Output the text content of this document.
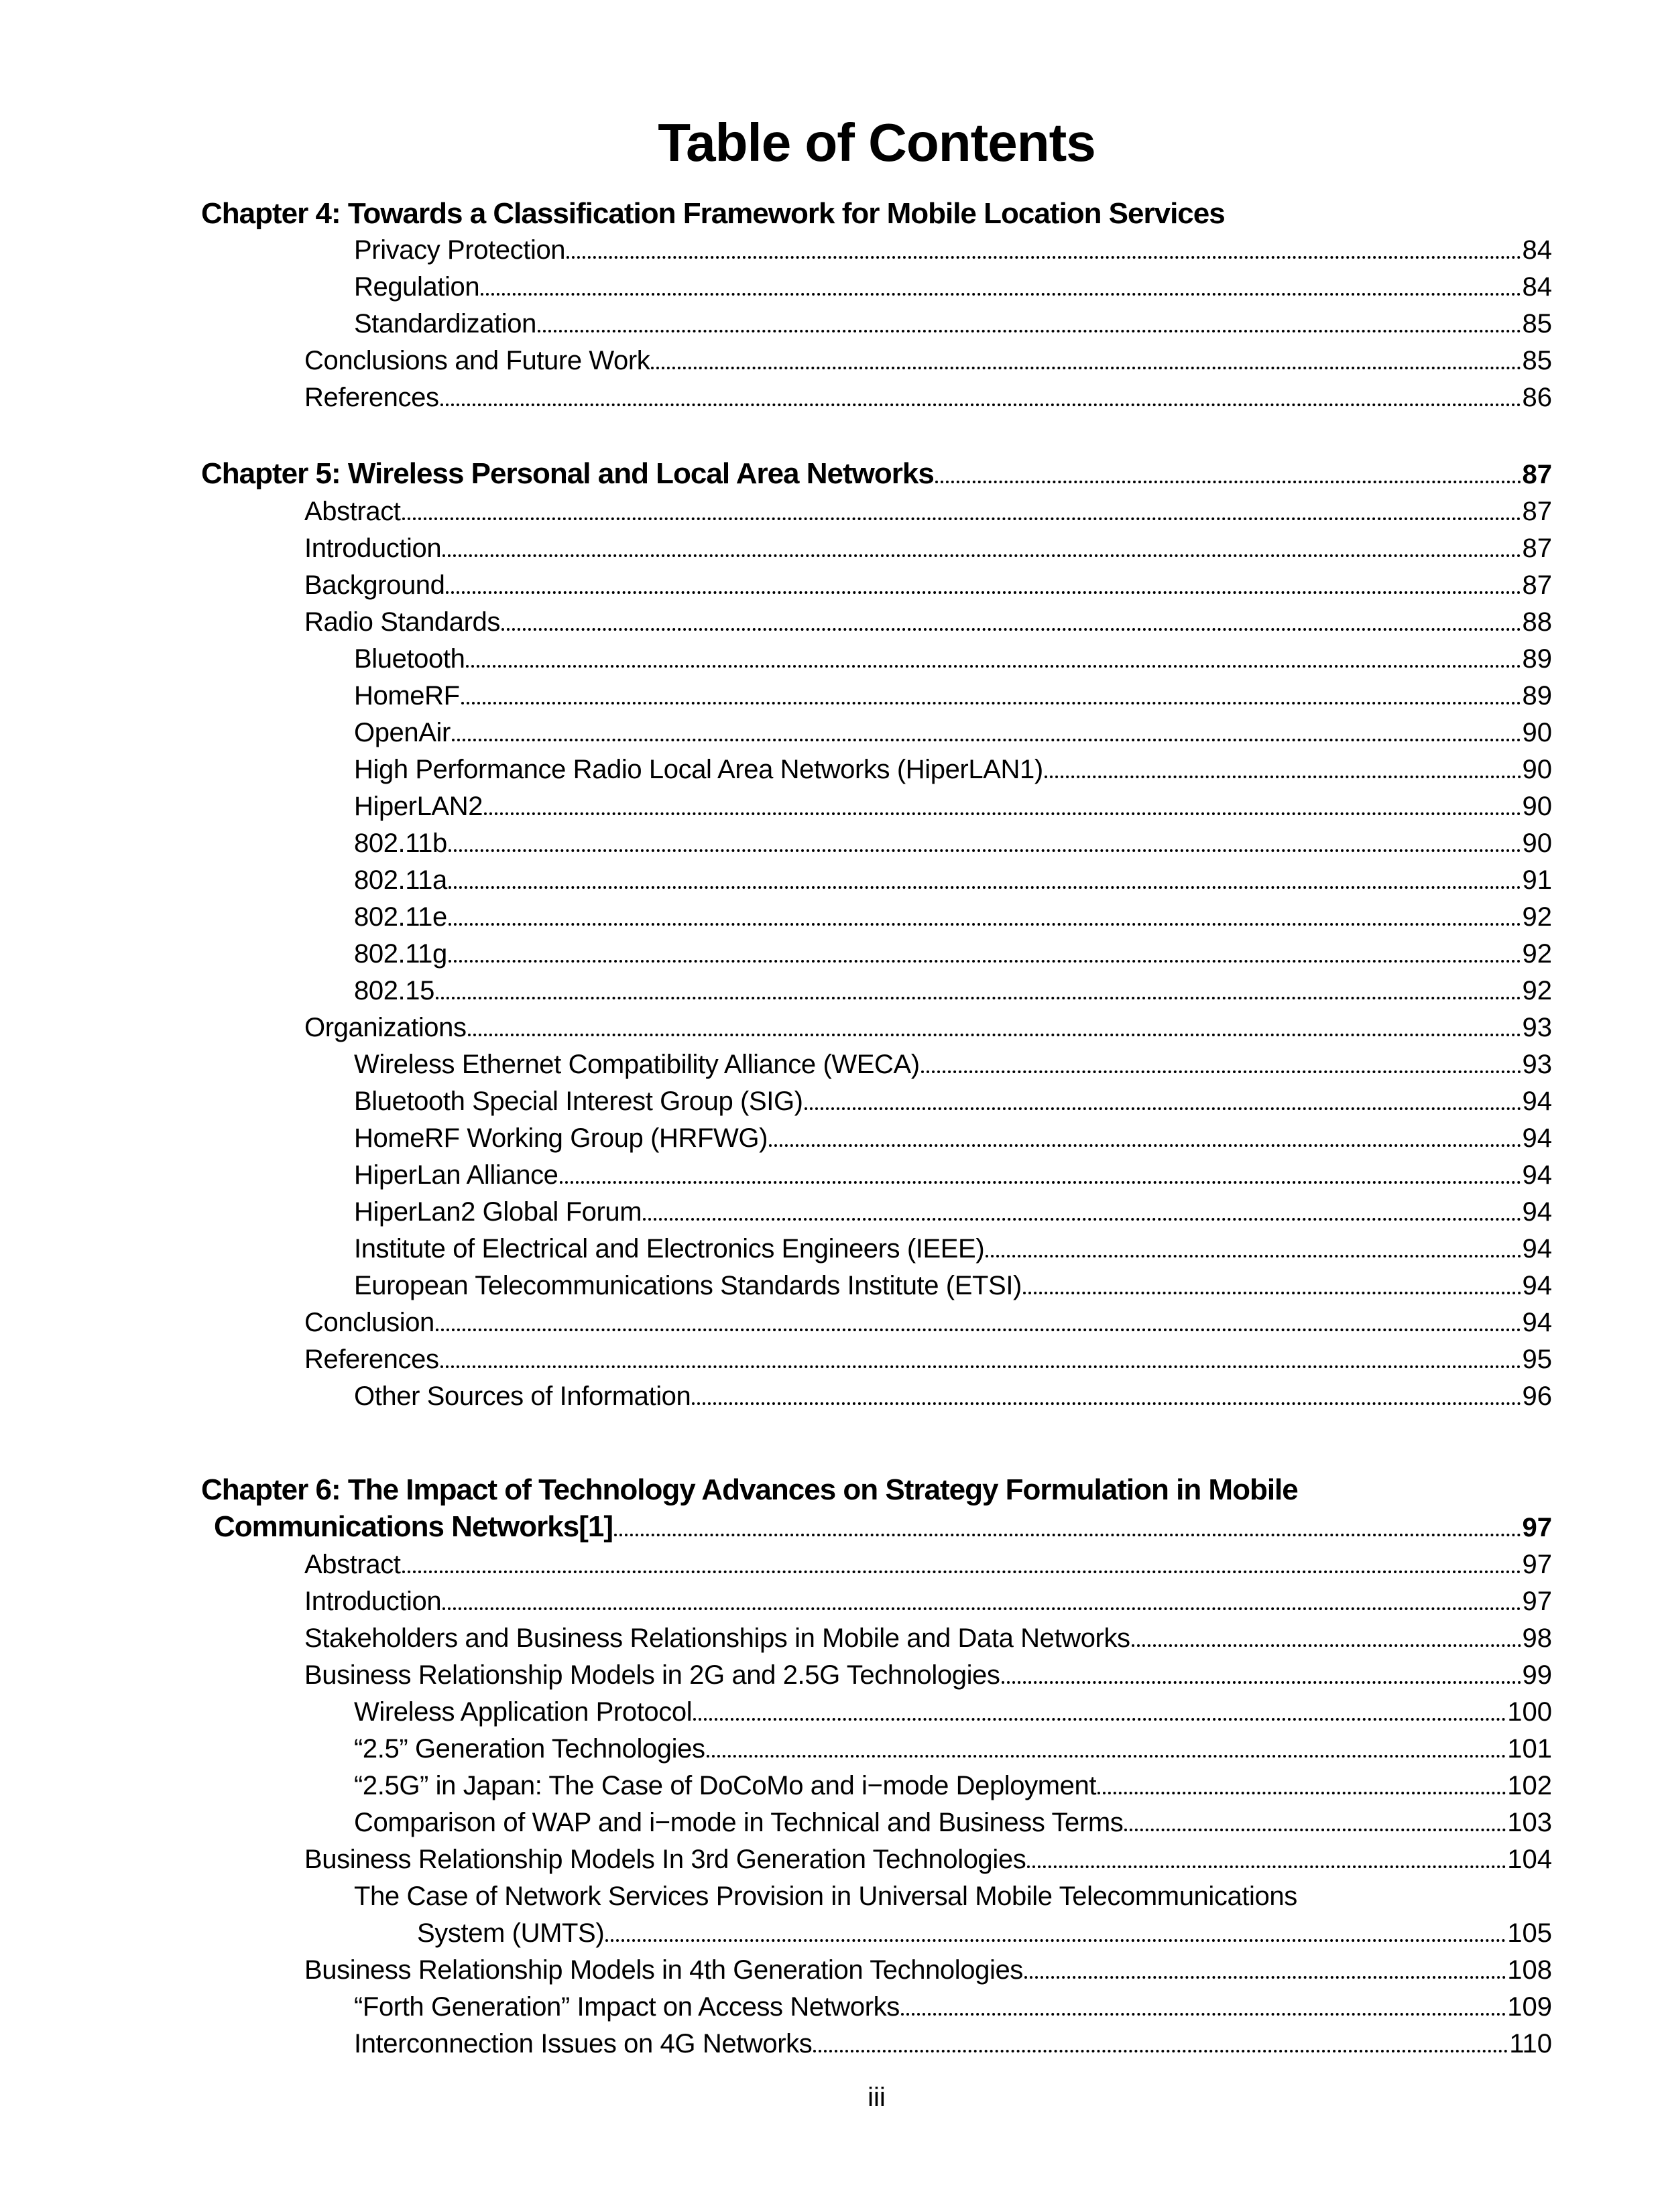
Table of Contents
Chapter 4: Towards a Classification Framework for Mobile Location Services
Privacy Protection	84
Regulation	84
Standardization	85
Conclusions and Future Work	85
References	86
Chapter 5: Wireless Personal and Local Area Networks	87
Abstract	87
Introduction	87
Background	87
Radio Standards	88
Bluetooth	89
HomeRF	89
OpenAir	90
High Performance Radio Local Area Networks (HiperLAN1)	90
HiperLAN2	90
802.11b	90
802.11a	91
802.11e	92
802.11g	92
802.15	92
Organizations	93
Wireless Ethernet Compatibility Alliance (WECA)	93
Bluetooth Special Interest Group (SIG)	94
HomeRF Working Group (HRFWG)	94
HiperLan Alliance	94
HiperLan2 Global Forum	94
Institute of Electrical and Electronics Engineers (IEEE)	94
European Telecommunications Standards Institute (ETSI)	94
Conclusion	94
References	95
Other Sources of Information	96
Chapter 6: The Impact of Technology Advances on Strategy Formulation in Mobile
Communications Networks[1]	97
Abstract	97
Introduction	97
Stakeholders and Business Relationships in Mobile and Data Networks	98
Business Relationship Models in 2G and 2.5G Technologies	99
Wireless Application Protocol	100
“2.5” Generation Technologies	101
“2.5G” in Japan: The Case of DoCoMo and i−mode Deployment	102
Comparison of WAP and i−mode in Technical and Business Terms	103
Business Relationship Models In 3rd Generation Technologies	104
The Case of Network Services Provision in Universal Mobile Telecommunications
System (UMTS)	105
Business Relationship Models in 4th Generation Technologies	108
“Forth Generation” Impact on Access Networks	109
Interconnection Issues on 4G Networks	110
iii
